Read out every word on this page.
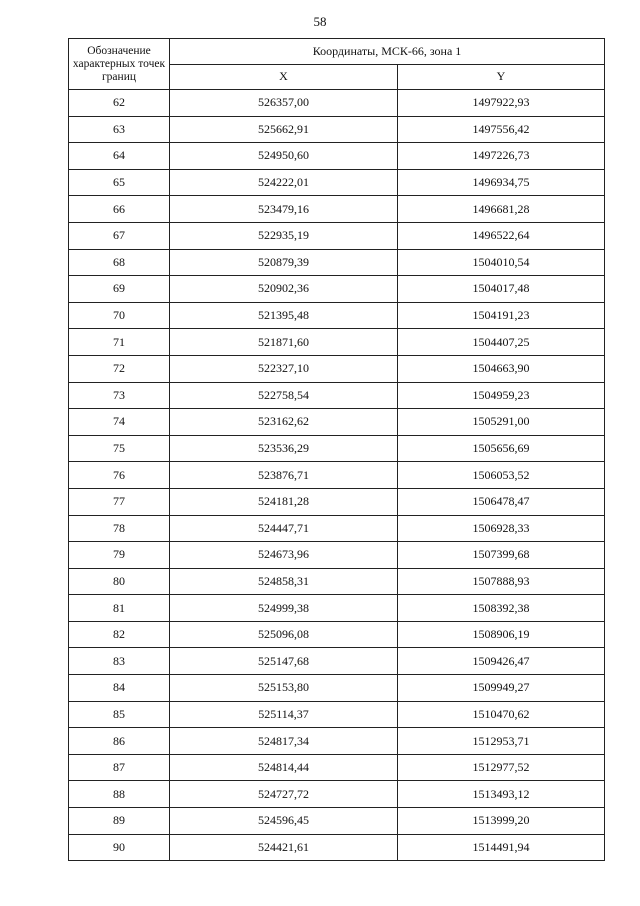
58
Обозначение характерных точек границ	Координаты, МСК-66, зона 1	
	X	Y
62	526357,00	1497922,93
63	525662,91	1497556,42
64	524950,60	1497226,73
65	524222,01	1496934,75
66	523479,16	1496681,28
67	522935,19	1496522,64
68	520879,39	1504010,54
69	520902,36	1504017,48
70	521395,48	1504191,23
71	521871,60	1504407,25
72	522327,10	1504663,90
73	522758,54	1504959,23
74	523162,62	1505291,00
75	523536,29	1505656,69
76	523876,71	1506053,52
77	524181,28	1506478,47
78	524447,71	1506928,33
79	524673,96	1507399,68
80	524858,31	1507888,93
81	524999,38	1508392,38
82	525096,08	1508906,19
83	525147,68	1509426,47
84	525153,80	1509949,27
85	525114,37	1510470,62
86	524817,34	1512953,71
87	524814,44	1512977,52
88	524727,72	1513493,12
89	524596,45	1513999,20
90	524421,61	1514491,94
